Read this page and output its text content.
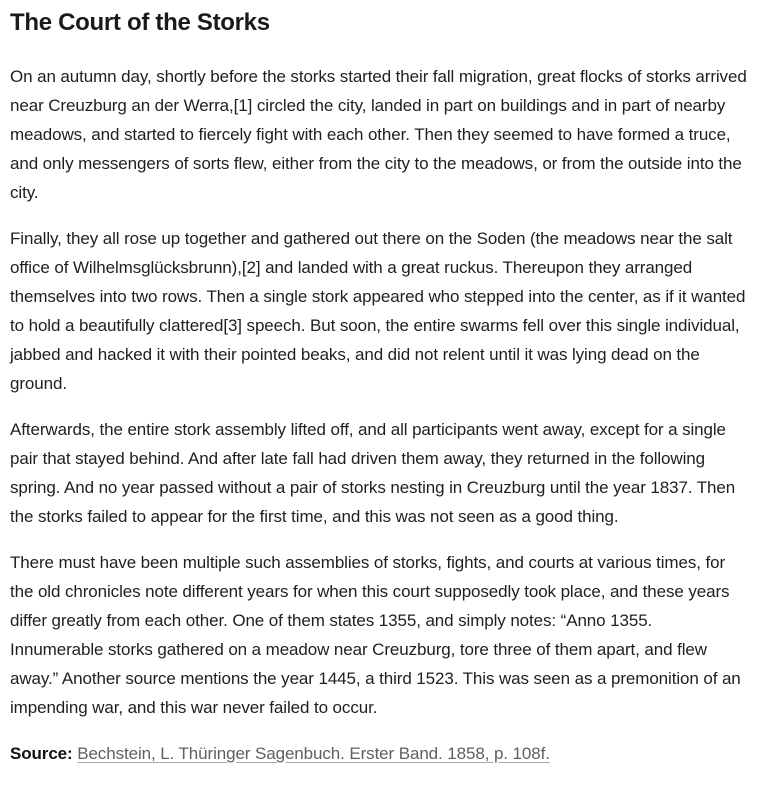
The Court of the Storks

On an autumn day, shortly before the storks started their fall migration, great flocks of storks arrived near Creuzburg an der Werra,[1] circled the city, landed in part on buildings and in part of nearby meadows, and started to fiercely fight with each other. Then they seemed to have formed a truce, and only messengers of sorts flew, either from the city to the meadows, or from the outside into the city.

Finally, they all rose up together and gathered out there on the Soden (the meadows near the salt office of Wilhelmsglücksbrunn),[2] and landed with a great ruckus. Thereupon they arranged themselves into two rows. Then a single stork appeared who stepped into the center, as if it wanted to hold a beautifully clattered[3] speech. But soon, the entire swarms fell over this single individual, jabbed and hacked it with their pointed beaks, and did not relent until it was lying dead on the ground.

Afterwards, the entire stork assembly lifted off, and all participants went away, except for a single pair that stayed behind. And after late fall had driven them away, they returned in the following spring. And no year passed without a pair of storks nesting in Creuzburg until the year 1837. Then the storks failed to appear for the first time, and this was not seen as a good thing.

There must have been multiple such assemblies of storks, fights, and courts at various times, for the old chronicles note different years for when this court supposedly took place, and these years differ greatly from each other. One of them states 1355, and simply notes: “Anno 1355. Innumerable storks gathered on a meadow near Creuzburg, tore three of them apart, and flew away.” Another source mentions the year 1445, a third 1523. This was seen as a premonition of an impending war, and this war never failed to occur.

Source: Bechstein, L. Thüringer Sagenbuch. Erster Band. 1858, p. 108f.
